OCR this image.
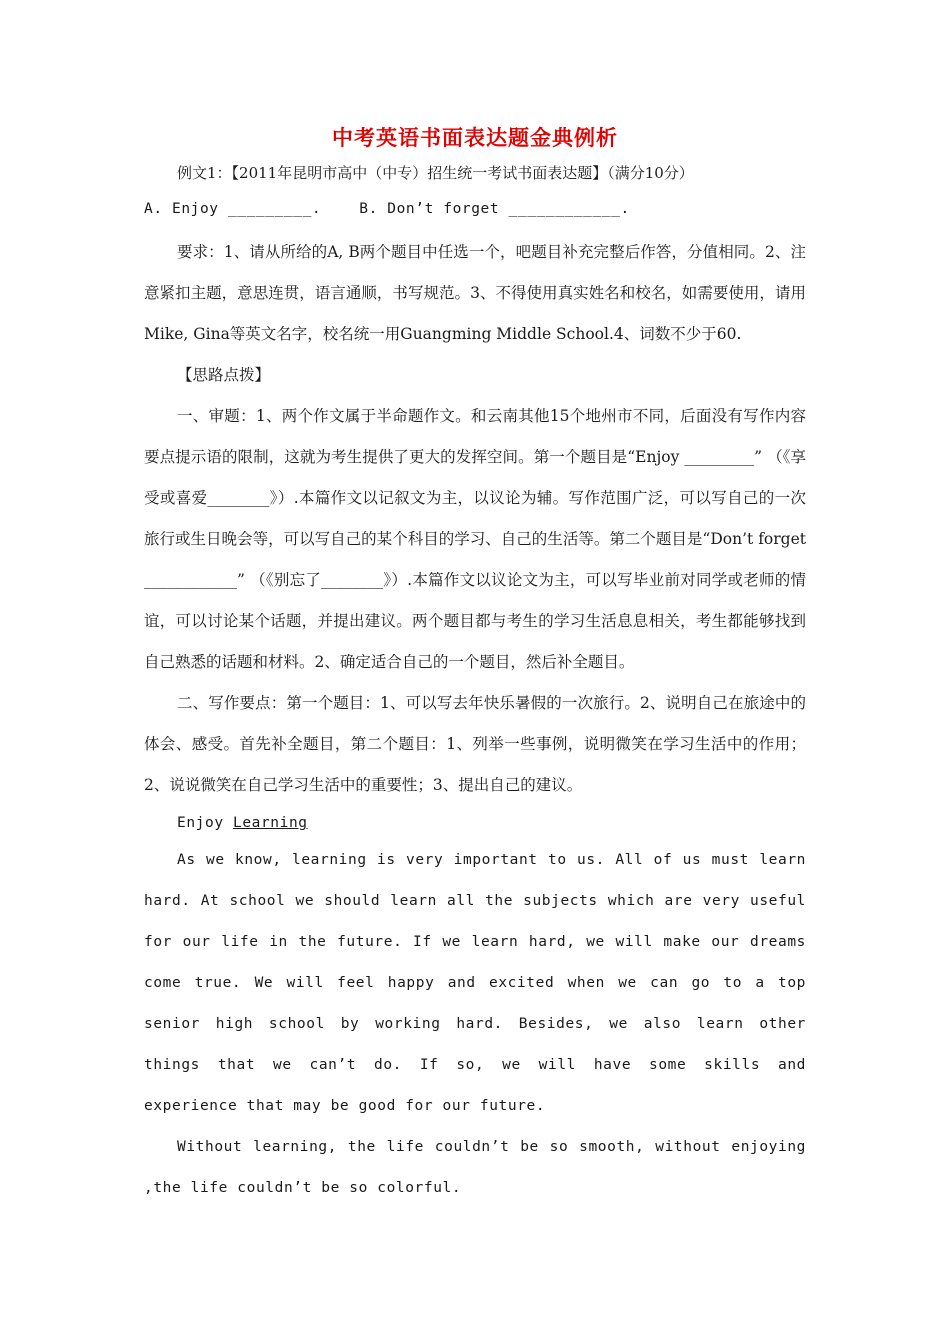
中考英语书面表达题金典例析

例文1：【2011年昆明市高中（中专）招生统一考试书面表达题】（满分10分）

A. Enjoy _________.	B. Don’t forget ____________.

要求：1、请从所给的A, B两个题目中任选一个，吧题目补充完整后作答，分值相同。2、注意紧扣主题，意思连贯，语言通顺，书写规范。3、不得使用真实姓名和校名，如需要使用，请用Mike, Gina等英文名字，校名统一用Guangming Middle School.4、词数不少于60.

【思路点拨】

一、审题：1、两个作文属于半命题作文。和云南其他15个地州市不同，后面没有写作内容要点提示语的限制，这就为考生提供了更大的发挥空间。第一个题目是“Enjoy _________” （《享受或喜爱________》）.本篇作文以记叙文为主，以议论为辅。写作范围广泛，可以写自己的一次旅行或生日晚会等，可以写自己的某个科目的学习、自己的生活等。第二个题目是“Don’t forget ____________” （《别忘了________》）.本篇作文以议论文为主，可以写毕业前对同学或老师的情谊，可以讨论某个话题，并提出建议。两个题目都与考生的学习生活息息相关，考生都能够找到自己熟悉的话题和材料。2、确定适合自己的一个题目，然后补全题目。

二、写作要点：第一个题目：1、可以写去年快乐暑假的一次旅行。2、说明自己在旅途中的体会、感受。首先补全题目，第二个题目：1、列举一些事例，说明微笑在学习生活中的作用；2、说说微笑在自己学习生活中的重要性；3、提出自己的建议。

Enjoy Learning

As we know, learning is very important to us. All of us must learn hard. At school we should learn all the subjects which are very useful for our life in the future. If we learn hard, we will make our dreams come true. We will feel happy and excited when we can go to a top senior high school by working hard. Besides, we also learn other things that we can’t do. If so, we will have some skills and experience that may be good for our future.

Without learning, the life couldn’t be so smooth, without enjoying ,the life couldn’t be so colorful.
